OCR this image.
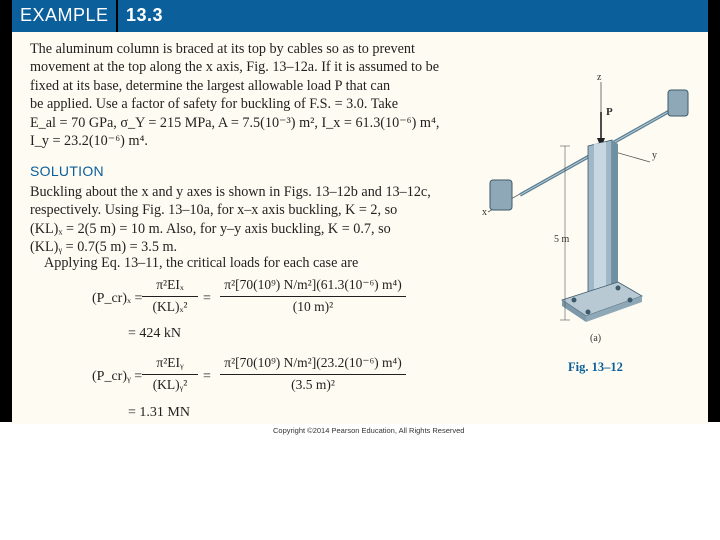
EXAMPLE 13.3
The aluminum column is braced at its top by cables so as to prevent
movement at the top along the x axis, Fig. 13–12a. If it is assumed to be
fixed at its base, determine the largest allowable load P that can
be applied. Use a factor of safety for buckling of F.S. = 3.0. Take
E_al = 70 GPa, σ_Y = 215 MPa, A = 7.5(10⁻³) m², I_x = 61.3(10⁻⁶) m⁴,
I_y = 23.2(10⁻⁶) m⁴.
SOLUTION
Buckling about the x and y axes is shown in Figs. 13–12b and 13–12c,
respectively. Using Fig. 13–10a, for x–x axis buckling, K = 2, so
(KL)ₓ = 2(5 m) = 10 m. Also, for y–y axis buckling, K = 0.7, so
(KL)ᵧ = 0.7(5 m) = 3.5 m.
Applying Eq. 13–11, the critical loads for each case are
(P_cr)ₓ =
π²EIₓ
(KL)ₓ²
=
π²[70(10⁹) N/m²](61.3(10⁻⁶) m⁴)
(10 m)²
= 424 kN
(P_cr)ᵧ =
π²EIᵧ
(KL)ᵧ²
=
π²[70(10⁹) N/m²](23.2(10⁻⁶) m⁴)
(3.5 m)²
= 1.31 MN
z
P
y
x
5 m
(a)
Fig. 13–12
Copyright ©2014 Pearson Education, All Rights Reserved
